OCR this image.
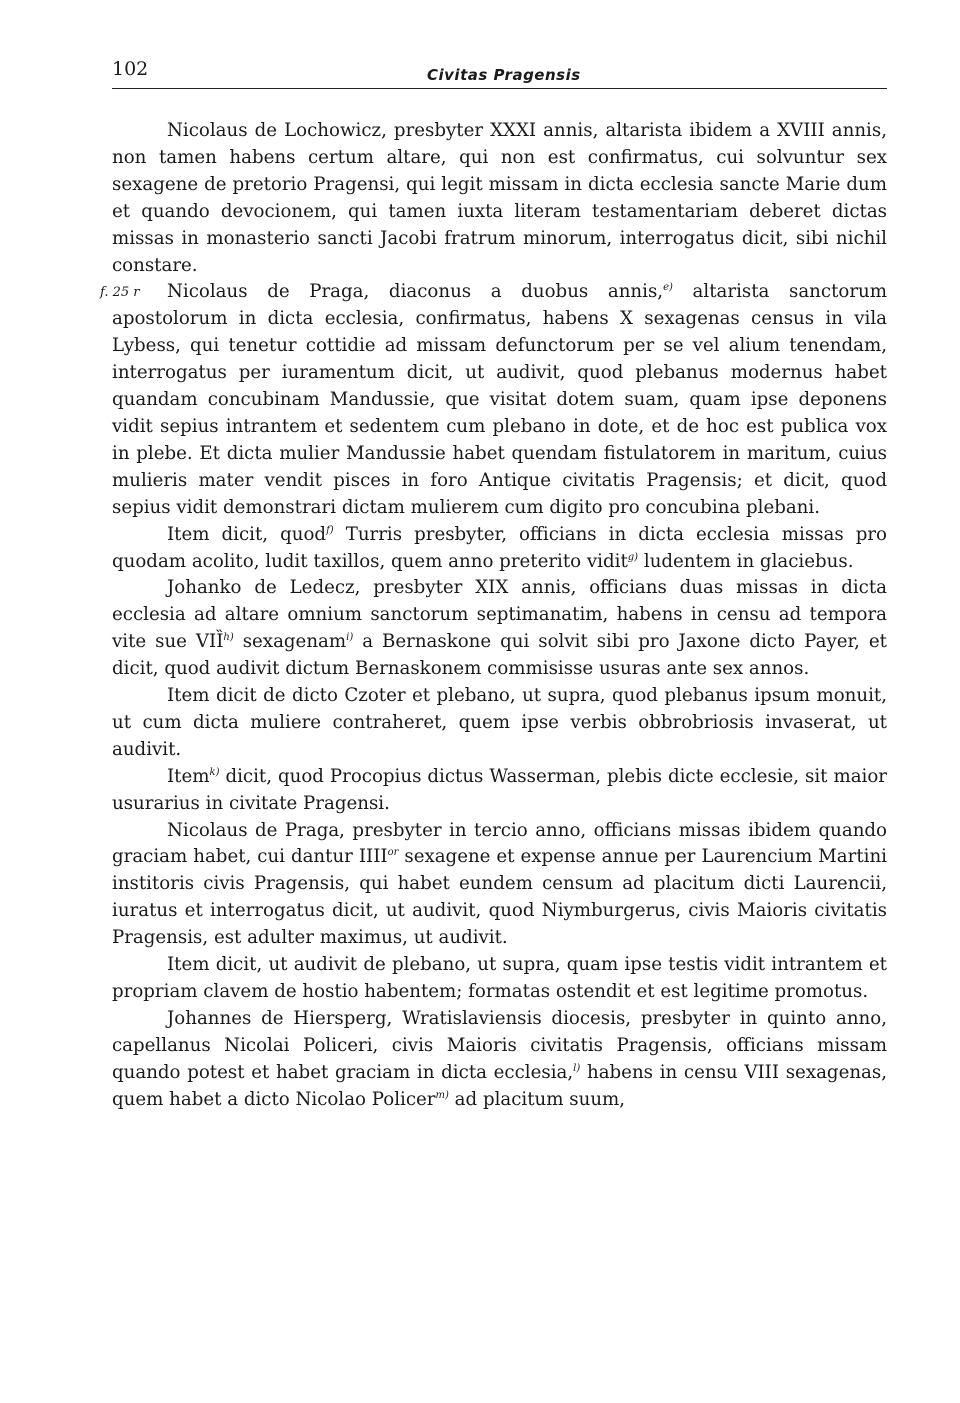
102	Civitas Pragensis
f. 25 r

Nicolaus de Lochowicz, presbyter XXXI annis, altarista ibidem a XVIII annis, non tamen habens certum altare, qui non est confirmatus, cui solvuntur sex sexagene de pretorio Pragensi, qui legit missam in dicta ecclesia sancte Marie dum et quando devocionem, qui tamen iuxta literam testamentariam deberet dictas missas in monasterio sancti Jacobi fratrum minorum, interrogatus dicit, sibi nichil constare.

Nicolaus de Praga, diaconus a duobus annis,$^{e)}$ altarista sanctorum apostolorum in dicta ecclesia, confirmatus, habens X sexagenas census in vila Lybess, qui tenetur cottidie ad missam defunctorum per se vel alium tenendam, interrogatus per iuramentum dicit, ut audivit, quod plebanus modernus habet quandam concubinam Mandussie, que visitat dotem suam, quam ipse deponens vidit sepius intrantem et sedentem cum plebano in dote, et de hoc est publica vox in plebe. Et dicta mulier Mandussie habet quendam fistulatorem in maritum, cuius mulieris mater vendit pisces in foro Antique civitatis Pragensis; et dicit, quod sepius vidit demonstrari dictam mulierem cum digito pro concubina plebani.

Item dicit, quod$^{f)}$ Turris presbyter, officians in dicta ecclesia missas pro quodam acolito, ludit taxillos, quem anno preterito vidit$^{g)}$ ludentem in glaciebus.

Johanko de Ledecz, presbyter XIX annis, officians duas missas in dicta ecclesia ad altare omnium sanctorum septimanatim, habens in censu ad tempora vite sue VIȈ$^{h)}$ sexagenam$^{i)}$ a Bernaskone qui solvit sibi pro Jaxone dicto Payer, et dicit, quod audivit dictum Bernaskonem commisisse usuras ante sex annos.

Item dicit de dicto Czoter et plebano, ut supra, quod plebanus ipsum monuit, ut cum dicta muliere contraheret, quem ipse verbis obbrobriosis invaserat, ut audivit.

Item$^{k)}$ dicit, quod Procopius dictus Wasserman, plebis dicte ecclesie, sit maior usurarius in civitate Pragensi.

Nicolaus de Praga, presbyter in tercio anno, officians missas ibidem quando graciam habet, cui dantur $IIII^{or}$ sexagene et expense annue per Laurencium Martini institoris civis Pragensis, qui habet eundem censum ad placitum dicti Laurencii, iuratus et interrogatus dicit, ut audivit, quod Niymburgerus, civis Maioris civitatis Pragensis, est adulter maximus, ut audivit.

Item dicit, ut audivit de plebano, ut supra, quam ipse testis vidit intrantem et propriam clavem de hostio habentem; formatas ostendit et est legitime promotus.

Johannes de Hiersperg, Wratislaviensis diocesis, presbyter in quinto anno, capellanus Nicolai Policeri, civis Maioris civitatis Pragensis, officians missam quando potest et habet graciam in dicta ecclesia,$^{l)}$ habens in censu VIII sexagenas, quem habet a dicto Nicolao Policer$^{m)}$ ad placitum suum,
